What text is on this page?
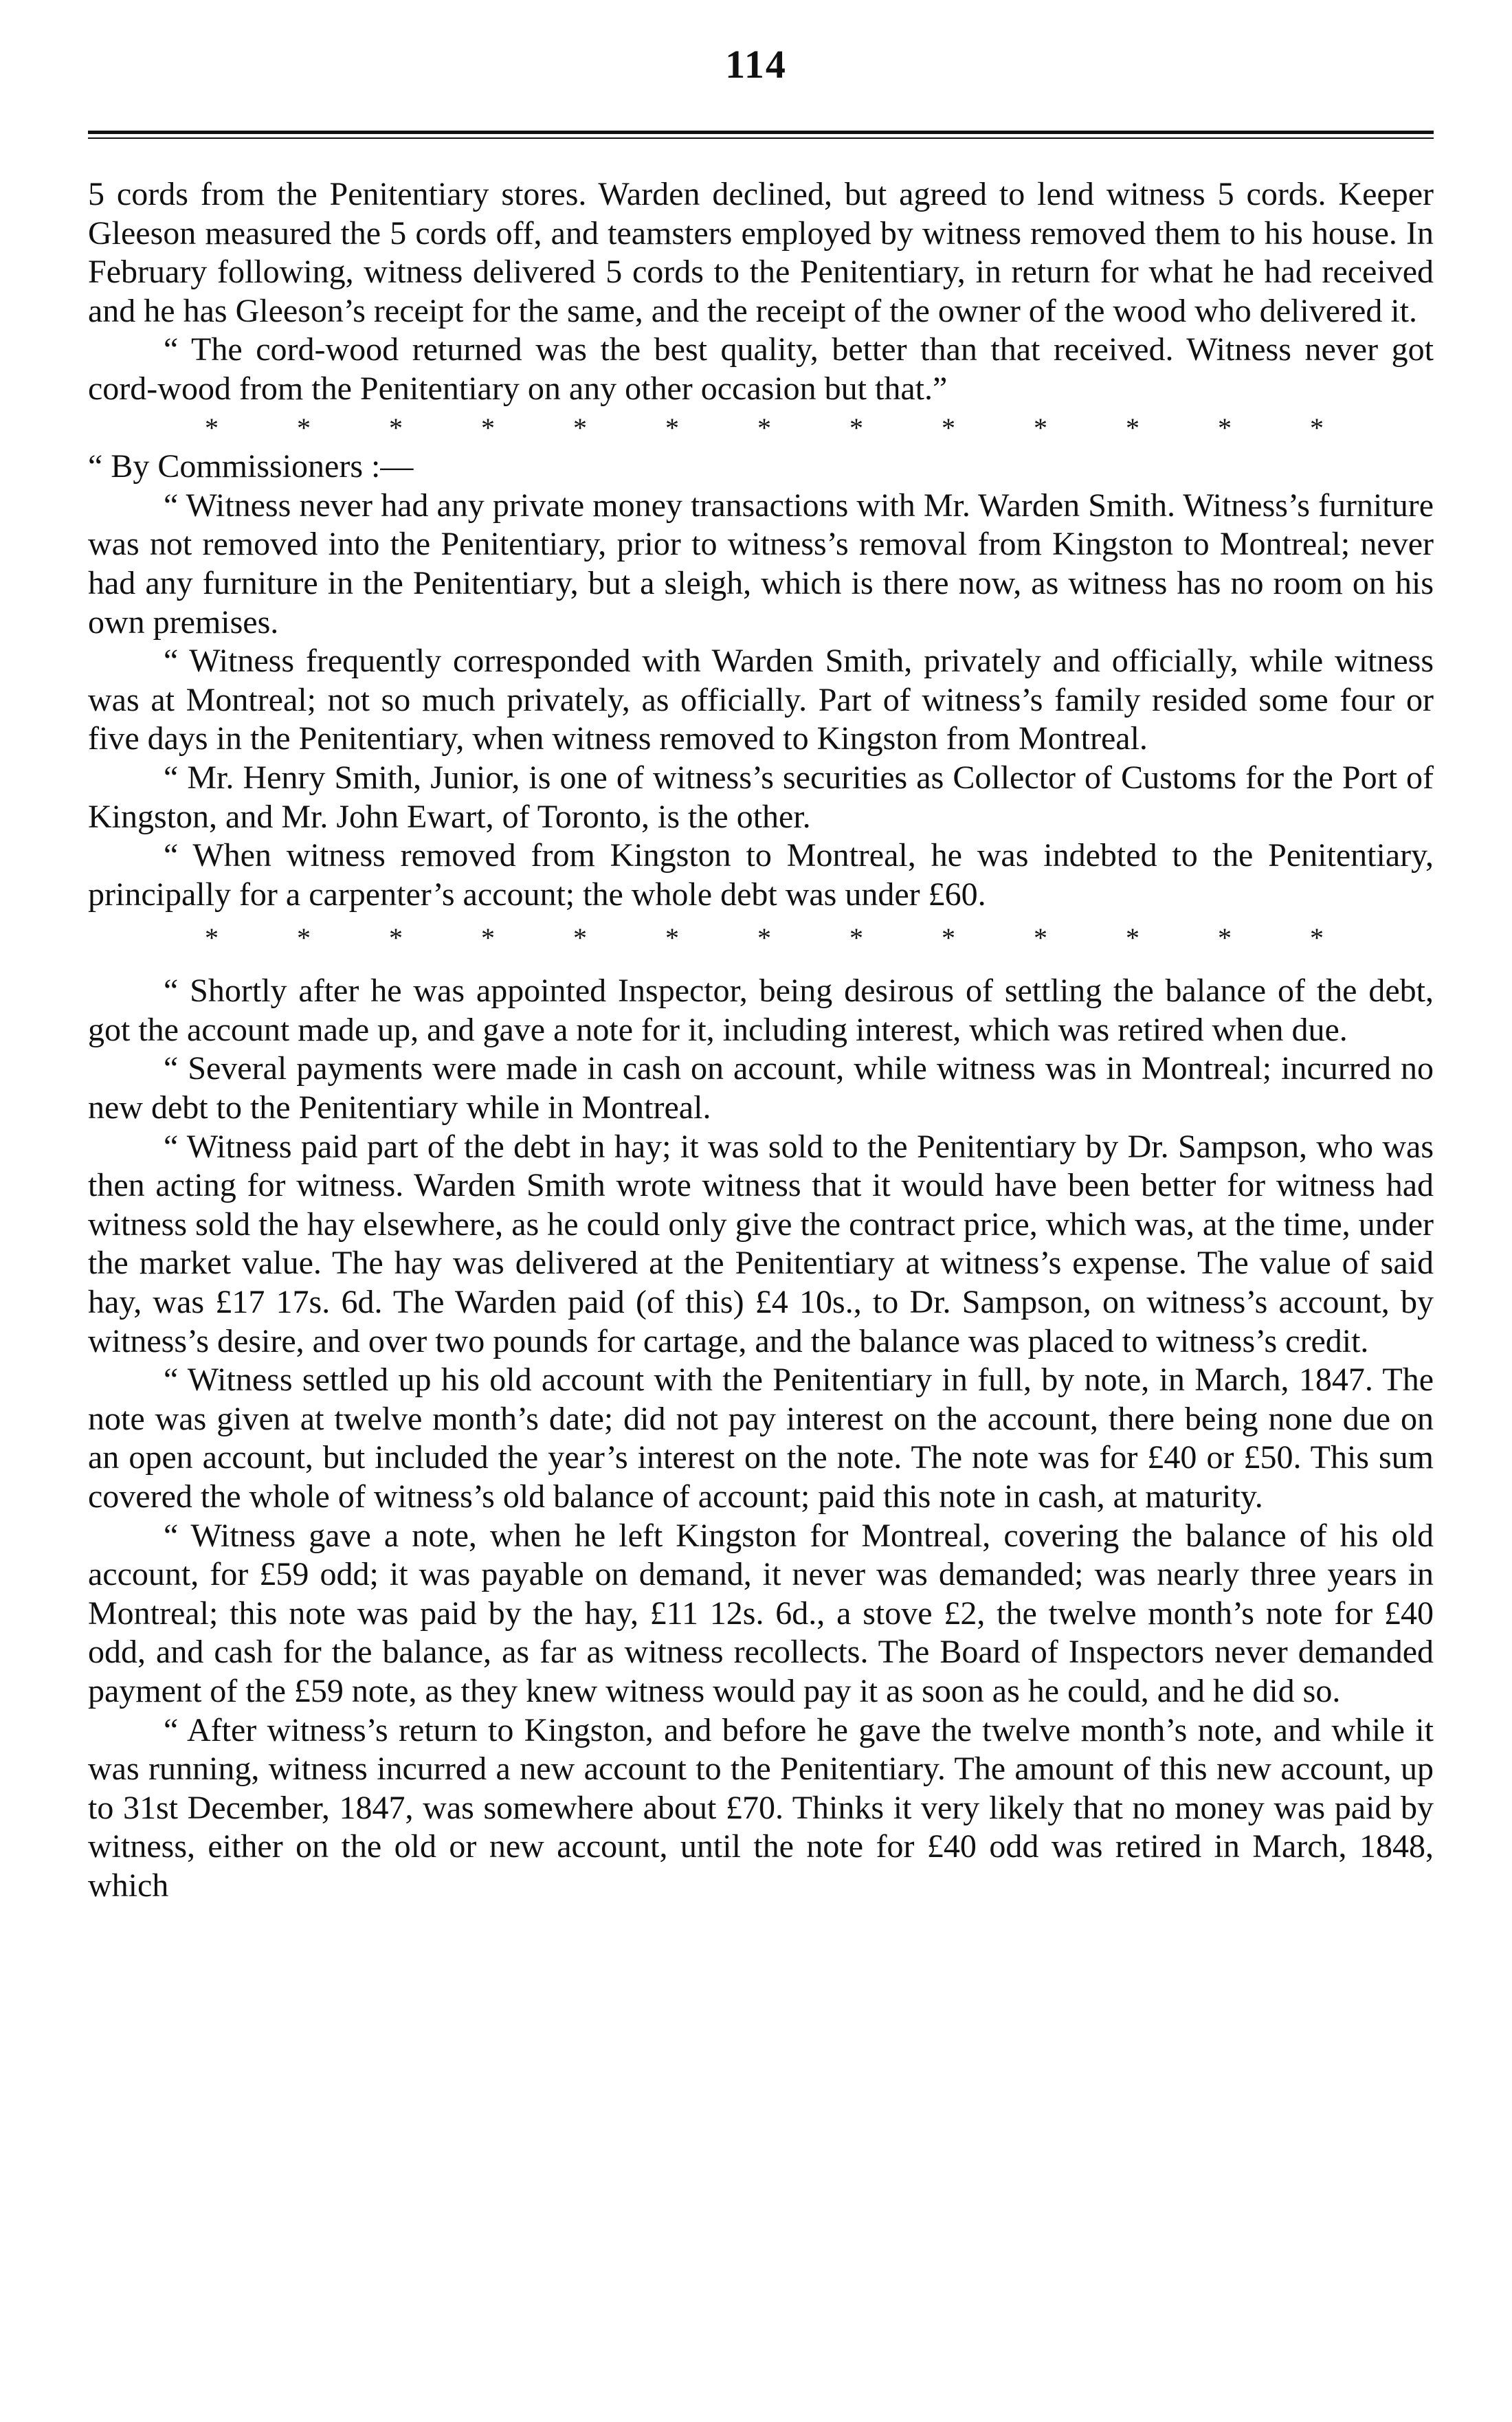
114

5 cords from the Penitentiary stores. Warden declined, but agreed to lend witness 5 cords. Keeper Gleeson measured the 5 cords off, and teamsters employed by witness removed them to his house. In February following, witness delivered 5 cords to the Penitentiary, in return for what he had received and he has Gleeson’s receipt for the same, and the receipt of the owner of the wood who delivered it.

“ The cord-wood returned was the best quality, better than that received. Witness never got cord-wood from the Penitentiary on any other occasion but that.”

*	*	*	*	*	*	*	*	*	*	*	*	*

“ By Commissioners :—

“ Witness never had any private money transactions with Mr. Warden Smith. Witness’s furniture was not removed into the Penitentiary, prior to witness’s removal from Kingston to Montreal; never had any furniture in the Penitentiary, but a sleigh, which is there now, as witness has no room on his own premises.

“ Witness frequently corresponded with Warden Smith, privately and officially, while witness was at Montreal; not so much privately, as officially. Part of witness’s family resided some four or five days in the Penitentiary, when witness removed to Kingston from Montreal.

“ Mr. Henry Smith, Junior, is one of witness’s securities as Collector of Customs for the Port of Kingston, and Mr. John Ewart, of Toronto, is the other.

“ When witness removed from Kingston to Montreal, he was indebted to the Penitentiary, principally for a carpenter’s account; the whole debt was under £60.

*	*	*	*	*	*	*	*	*	*	*	*	*

“ Shortly after he was appointed Inspector, being desirous of settling the balance of the debt, got the account made up, and gave a note for it, including interest, which was retired when due.

“ Several payments were made in cash on account, while witness was in Montreal; incurred no new debt to the Penitentiary while in Montreal.

“ Witness paid part of the debt in hay; it was sold to the Penitentiary by Dr. Sampson, who was then acting for witness. Warden Smith wrote witness that it would have been better for witness had witness sold the hay elsewhere, as he could only give the contract price, which was, at the time, under the market value. The hay was delivered at the Penitentiary at witness’s expense. The value of said hay, was £17 17s. 6d. The Warden paid (of this) £4 10s., to Dr. Sampson, on witness’s account, by witness’s desire, and over two pounds for cartage, and the balance was placed to witness’s credit.

“ Witness settled up his old account with the Penitentiary in full, by note, in March, 1847. The note was given at twelve month’s date; did not pay interest on the account, there being none due on an open account, but included the year’s interest on the note. The note was for £40 or £50. This sum covered the whole of witness’s old balance of account; paid this note in cash, at maturity.

“ Witness gave a note, when he left Kingston for Montreal, covering the balance of his old account, for £59 odd; it was payable on demand, it never was demanded; was nearly three years in Montreal; this note was paid by the hay, £11 12s. 6d., a stove £2, the twelve month’s note for £40 odd, and cash for the balance, as far as witness recollects. The Board of Inspectors never demanded payment of the £59 note, as they knew witness would pay it as soon as he could, and he did so.

“ After witness’s return to Kingston, and before he gave the twelve month’s note, and while it was running, witness incurred a new account to the Penitentiary. The amount of this new account, up to 31st December, 1847, was somewhere about £70. Thinks it very likely that no money was paid by witness, either on the old or new account, until the note for £40 odd was retired in March, 1848, which
